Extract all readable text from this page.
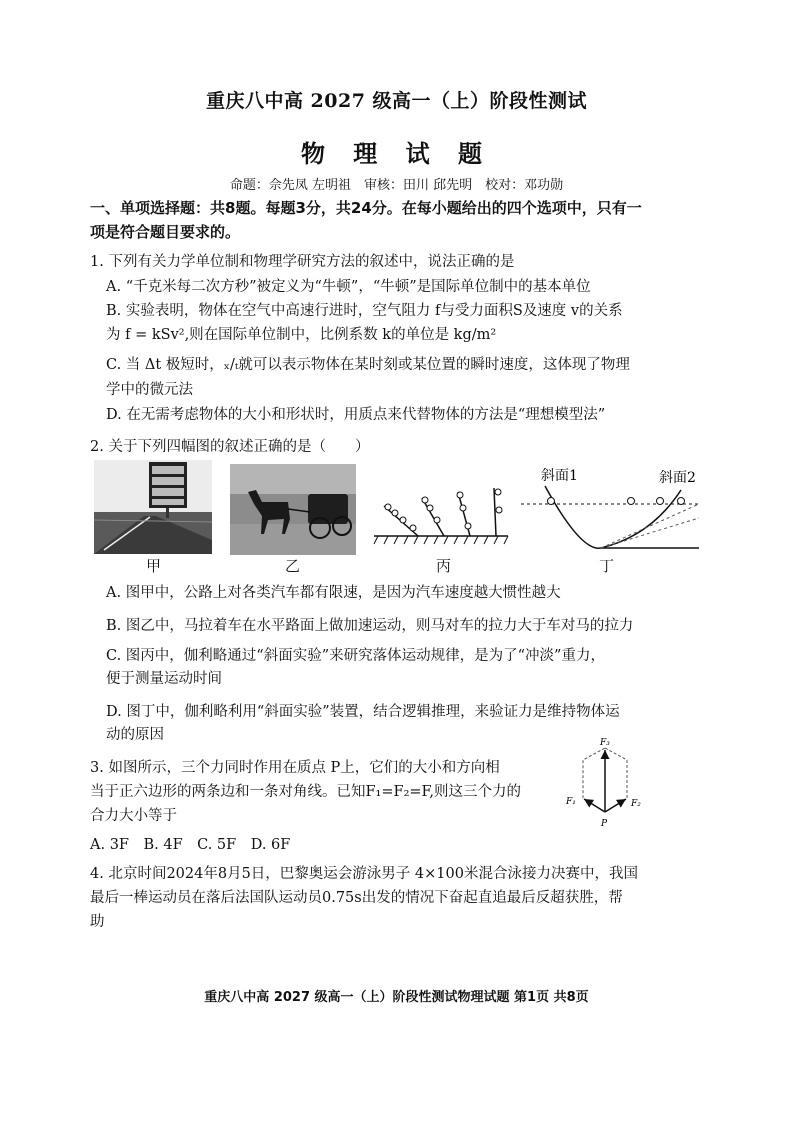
重庆八中高 2027 级高一（上）阶段性测试
物 理 试 题
命题：佘先凤 左明祖　审核：田川 邱先明　校对：邓功勋
一、单项选择题：共8题。每题3分，共24分。在每小题给出的四个选项中，只有一
项是符合题目要求的。
1. 下列有关力学单位制和物理学研究方法的叙述中，说法正确的是
A. “千克米每二次方秒”被定义为“牛顿”，“牛顿”是国际单位制中的基本单位
B. 实验表明，物体在空气中高速行进时，空气阻力 f与受力面积S及速度 v的关系
为 f = kSv²,则在国际单位制中，比例系数 k的单位是 kg/m²
C. 当 Δt 极短时，ₓ/ₜ就可以表示物体在某时刻或某位置的瞬时速度，这体现了物理
学中的微元法
D. 在无需考虑物体的大小和形状时，用质点来代替物体的方法是“理想模型法”
2. 关于下列四幅图的叙述正确的是（　　）
斜面1	斜面2
甲	乙	丙	丁
A. 图甲中，公路上对各类汽车都有限速，是因为汽车速度越大惯性越大
B. 图乙中，马拉着车在水平路面上做加速运动，则马对车的拉力大于车对马的拉力
C. 图丙中，伽利略通过“斜面实验”来研究落体运动规律，是为了“冲淡”重力，
便于测量运动时间
D. 图丁中，伽利略利用“斜面实验”装置，结合逻辑推理，来验证力是维持物体运
动的原因
3. 如图所示，三个力同时作用在质点 P上，它们的大小和方向相
当于正六边形的两条边和一条对角线。已知F₁=F₂=F,则这三个力的
合力大小等于
A. 3F　B. 4F　C. 5F　D. 6F
F₃
F₁	F₂
P
4. 北京时间2024年8月5日，巴黎奥运会游泳男子 4×100米混合泳接力决赛中，我国
最后一棒运动员在落后法国队运动员0.75s出发的情况下奋起直追最后反超获胜，帮
助
重庆八中高 2027 级高一（上）阶段性测试物理试题 第1页 共8页
